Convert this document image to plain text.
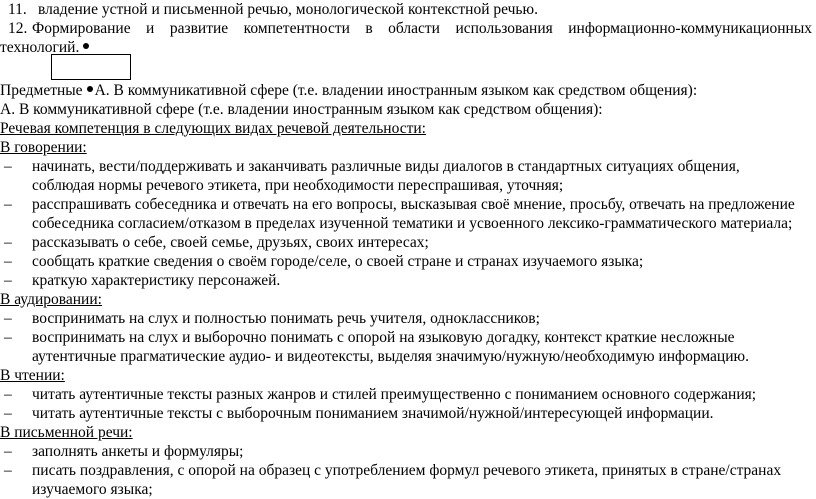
11. владение устной и письменной речью, монологической контекстной речью.
12. Формирование и развитие компетентности в области использования информационно-коммуникационных
технологий.
Предметные А. В коммуникативной сфере (т.е. владении иностранным языком как средством общения):
А. В коммуникативной сфере (т.е. владении иностранным языком как средством общения):
Речевая компетенция в следующих видах речевой деятельности:
В говорении:
– начинать, вести/поддерживать и заканчивать различные виды диалогов в стандартных ситуациях общения,
соблюдая нормы речевого этикета, при необходимости переспрашивая, уточняя;
– расспрашивать собеседника и отвечать на его вопросы, высказывая своё мнение, просьбу, отвечать на предложение
собеседника согласием/отказом в пределах изученной тематики и усвоенного лексико-грамматического материала;
– рассказывать о себе, своей семье, друзьях, своих интересах;
– сообщать краткие сведения о своём городе/селе, о своей стране и странах изучаемого языка;
– краткую характеристику персонажей.
В аудировании:
– воспринимать на слух и полностью понимать речь учителя, одноклассников;
– воспринимать на слух и выборочно понимать с опорой на языковую догадку, контекст краткие несложные
аутентичные прагматические аудио- и видеотексты, выделяя значимую/нужную/необходимую информацию.
В чтении:
– читать аутентичные тексты разных жанров и стилей преимущественно с пониманием основного содержания;
– читать аутентичные тексты с выборочным пониманием значимой/нужной/интересующей информации.
В письменной речи:
– заполнять анкеты и формуляры;
– писать поздравления, с опорой на образец с употреблением формул речевого этикета, принятых в стране/странах
изучаемого языка;
